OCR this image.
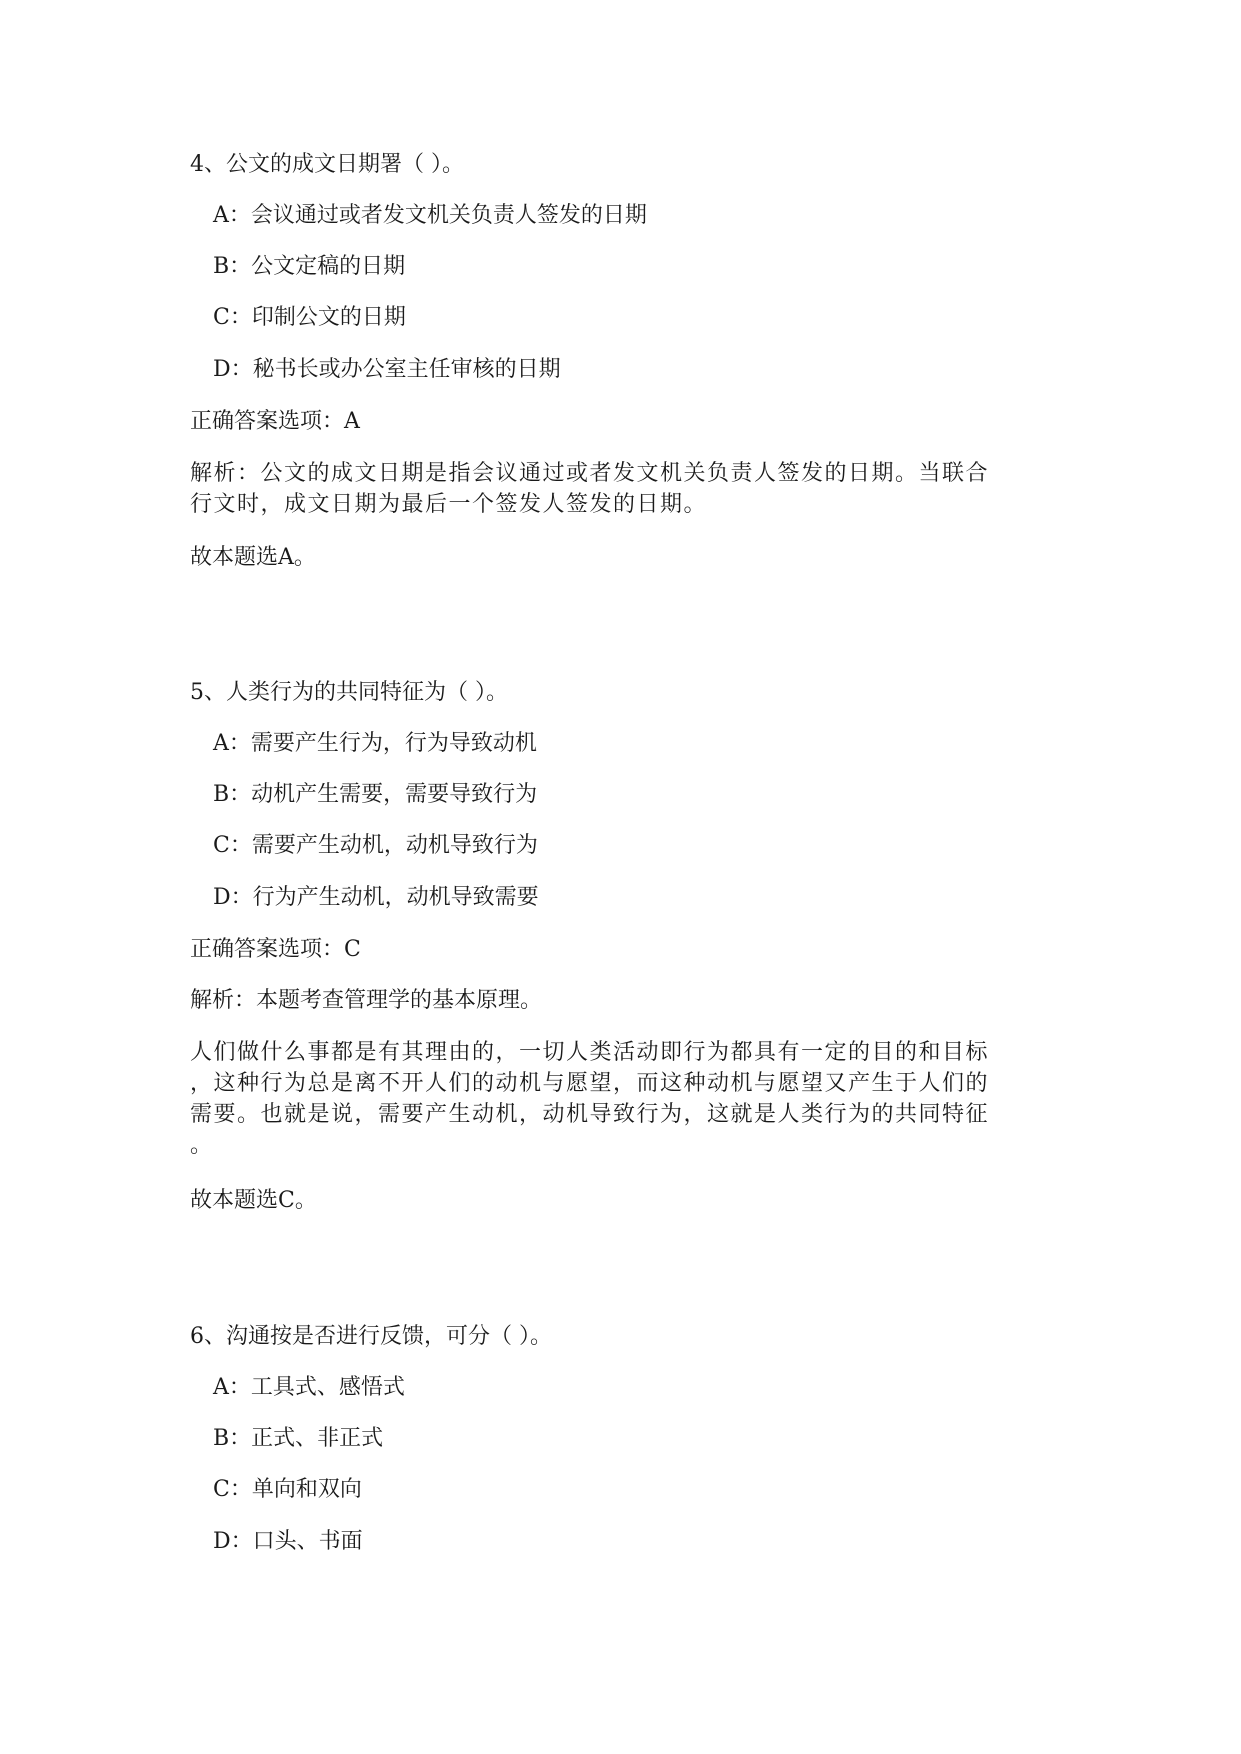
4、公文的成文日期署（ ）。
A：会议通过或者发文机关负责人签发的日期
B：公文定稿的日期
C：印制公文的日期
D：秘书长或办公室主任审核的日期
正确答案选项：A
解析：公文的成文日期是指会议通过或者发文机关负责人签发的日期。当联合
行文时，成文日期为最后一个签发人签发的日期。
故本题选A。
5、人类行为的共同特征为（ ）。
A：需要产生行为，行为导致动机
B：动机产生需要，需要导致行为
C：需要产生动机，动机导致行为
D：行为产生动机，动机导致需要
正确答案选项：C
解析：本题考查管理学的基本原理。
人们做什么事都是有其理由的，一切人类活动即行为都具有一定的目的和目标
，这种行为总是离不开人们的动机与愿望，而这种动机与愿望又产生于人们的
需要。也就是说，需要产生动机，动机导致行为，这就是人类行为的共同特征
。
故本题选C。
6、沟通按是否进行反馈，可分（ ）。
A：工具式、感悟式
B：正式、非正式
C：单向和双向
D：口头、书面
